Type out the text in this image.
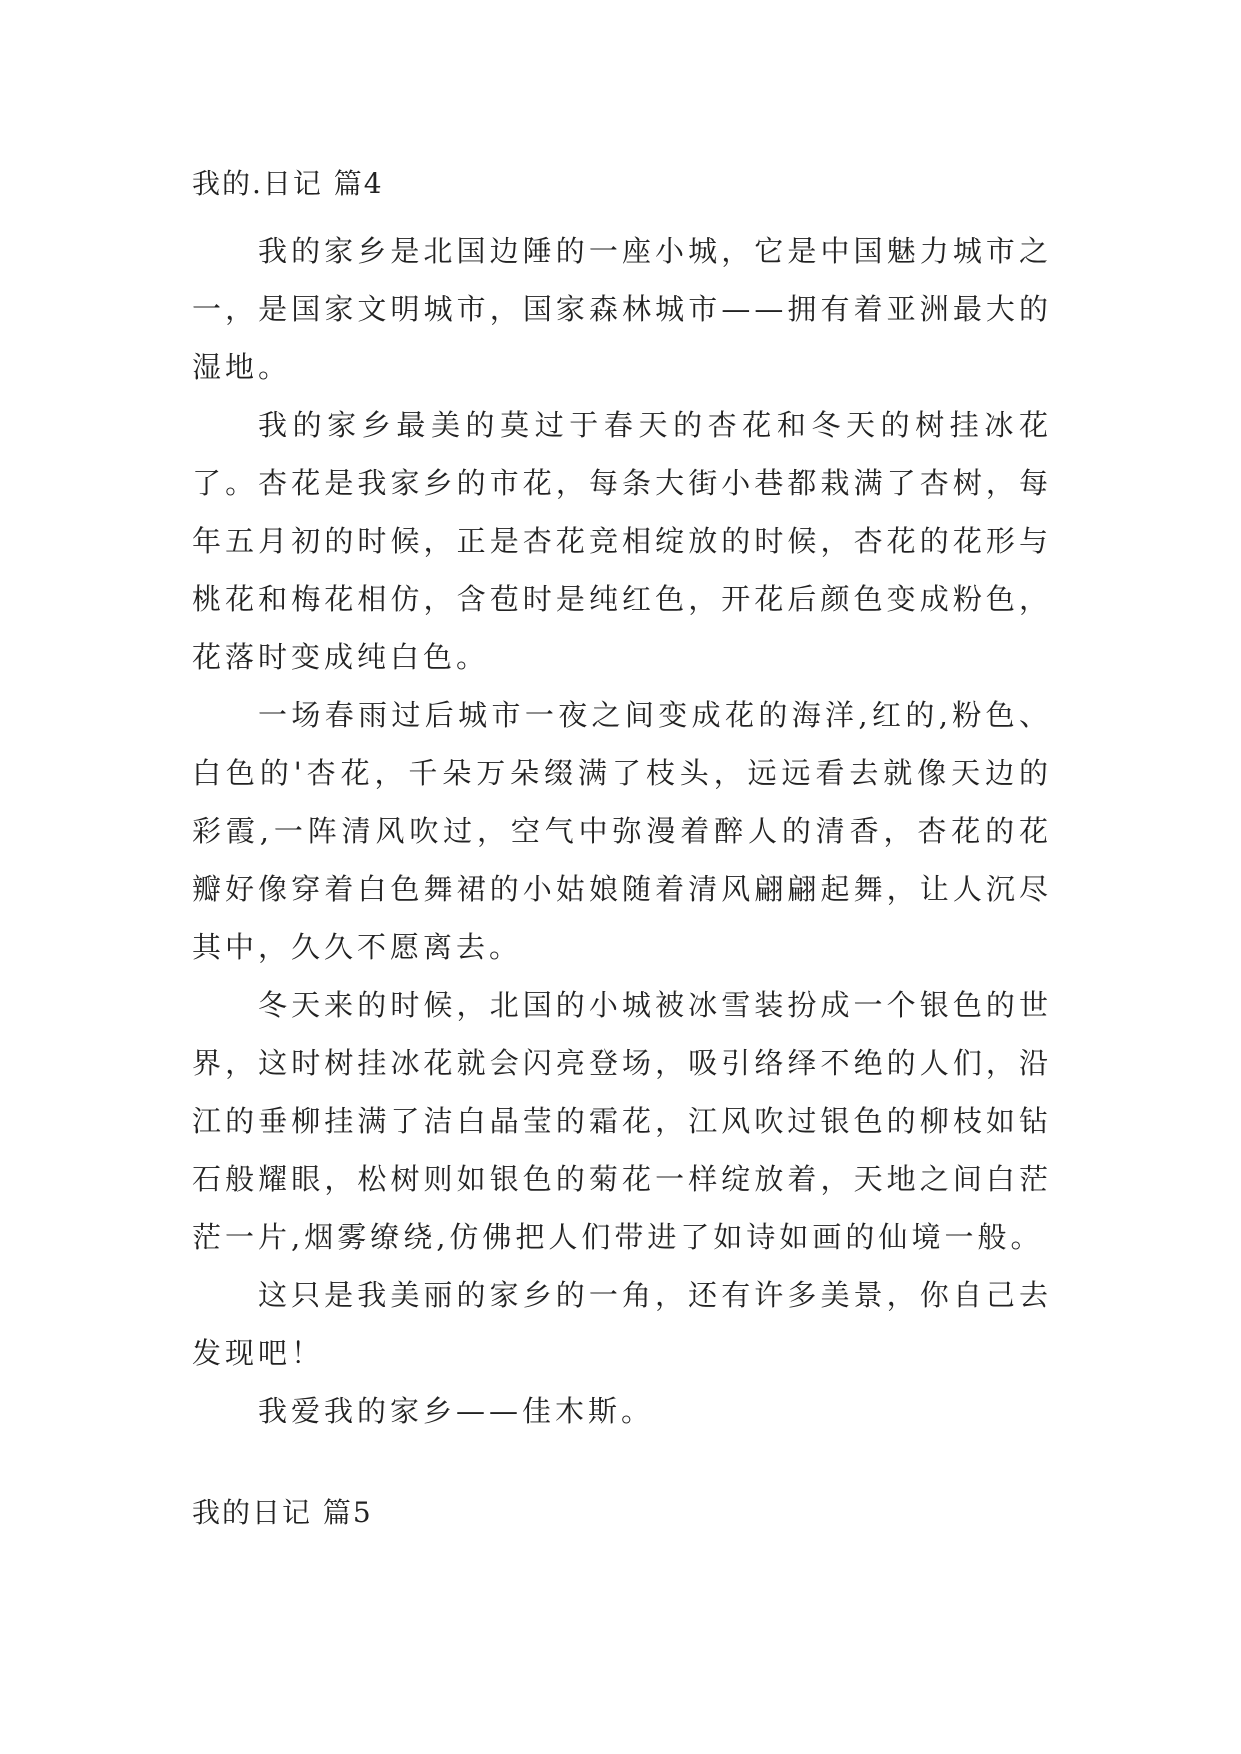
我的.日记 篇4

我的家乡是北国边陲的一座小城，它是中国魅力城市之一，是国家文明城市，国家森林城市——拥有着亚洲最大的湿地。

我的家乡最美的莫过于春天的杏花和冬天的树挂冰花了。杏花是我家乡的市花，每条大街小巷都栽满了杏树，每年五月初的时候，正是杏花竞相绽放的时候，杏花的花形与桃花和梅花相仿，含苞时是纯红色，开花后颜色变成粉色，花落时变成纯白色。

一场春雨过后城市一夜之间变成花的海洋,红的,粉色、白色的'杏花，千朵万朵缀满了枝头，远远看去就像天边的彩霞,一阵清风吹过，空气中弥漫着醉人的清香，杏花的花瓣好像穿着白色舞裙的小姑娘随着清风翩翩起舞，让人沉尽其中，久久不愿离去。

冬天来的时候，北国的小城被冰雪装扮成一个银色的世界，这时树挂冰花就会闪亮登场，吸引络绎不绝的人们，沿江的垂柳挂满了洁白晶莹的霜花，江风吹过银色的柳枝如钻石般耀眼，松树则如银色的菊花一样绽放着，天地之间白茫茫一片,烟雾缭绕,仿佛把人们带进了如诗如画的仙境一般。

这只是我美丽的家乡的一角，还有许多美景，你自己去发现吧！

我爱我的家乡——佳木斯。

我的日记 篇5
